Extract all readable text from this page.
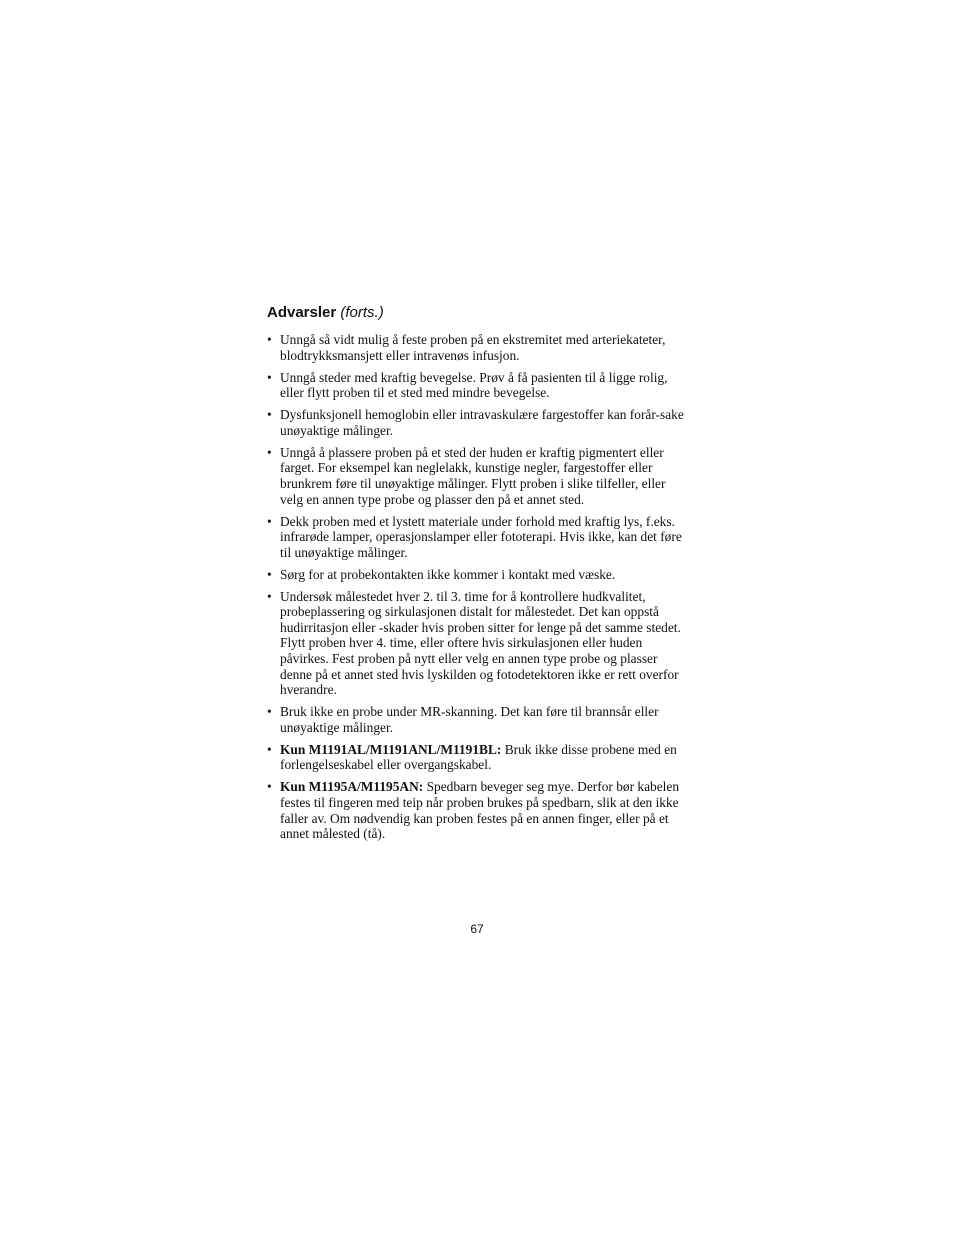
Advarsler (forts.)
• Unngå så vidt mulig å feste proben på en ekstremitet med arteriekateter, blodtrykksmansjett eller intravenøs infusjon.
• Unngå steder med kraftig bevegelse. Prøv å få pasienten til å ligge rolig, eller flytt proben til et sted med mindre bevegelse.
• Dysfunksjonell hemoglobin eller intravaskulære fargestoffer kan forår-sake unøyaktige målinger.
• Unngå å plassere proben på et sted der huden er kraftig pigmentert eller farget. For eksempel kan neglelakk, kunstige negler, fargestoffer eller brunkrem føre til unøyaktige målinger. Flytt proben i slike tilfeller, eller velg en annen type probe og plasser den på et annet sted.
• Dekk proben med et lystett materiale under forhold med kraftig lys, f.eks. infrarøde lamper, operasjonslamper eller fototerapi. Hvis ikke, kan det føre til unøyaktige målinger.
• Sørg for at probekontakten ikke kommer i kontakt med væske.
• Undersøk målestedet hver 2. til 3. time for å kontrollere hudkvalitet, probeplassering og sirkulasjonen distalt for målestedet. Det kan oppstå hudirritasjon eller -skader hvis proben sitter for lenge på det samme stedet. Flytt proben hver 4. time, eller oftere hvis sirkulasjonen eller huden påvirkes. Fest proben på nytt eller velg en annen type probe og plasser denne på et annet sted hvis lyskilden og fotodetektoren ikke er rett overfor hverandre.
• Bruk ikke en probe under MR-skanning. Det kan føre til brannsår eller unøyaktige målinger.
• Kun M1191AL/M1191ANL/M1191BL: Bruk ikke disse probene med en forlengelseskabel eller overgangskabel.
• Kun M1195A/M1195AN: Spedbarn beveger seg mye. Derfor bør kabelen festes til fingeren med teip når proben brukes på spedbarn, slik at den ikke faller av. Om nødvendig kan proben festes på en annen finger, eller på et annet målested (tå).
67
